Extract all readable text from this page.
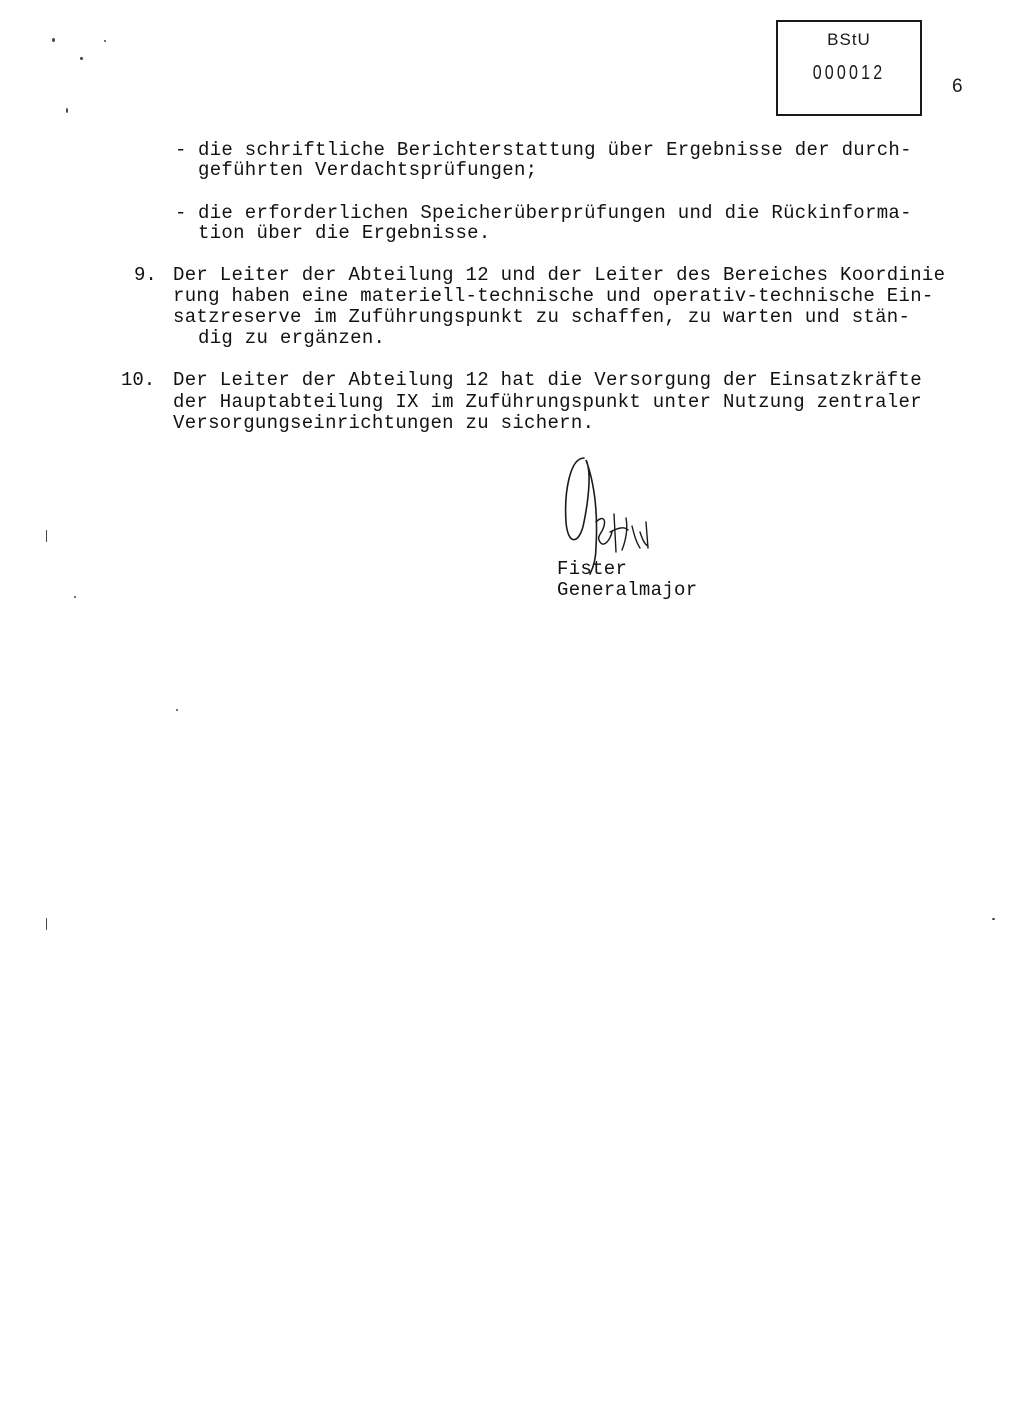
BStU
000012
6
- die schriftliche Berichterstattung über Ergebnisse der durch-
geführten Verdachtsprüfungen;
- die erforderlichen Speicherüberprüfungen und die Rückinforma-
tion über die Ergebnisse.
9. Der Leiter der Abteilung 12 und der Leiter des Bereiches Koordinie
rung haben eine materiell-technische und operativ-technische Ein-
satzreserve im Zuführungspunkt zu schaffen, zu warten und stän-
dig zu ergänzen.
10. Der Leiter der Abteilung 12 hat die Versorgung der Einsatzkräfte
der Hauptabteilung IX im Zuführungspunkt unter Nutzung zentraler
Versorgungseinrichtungen zu sichern.
Fister
Generalmajor
